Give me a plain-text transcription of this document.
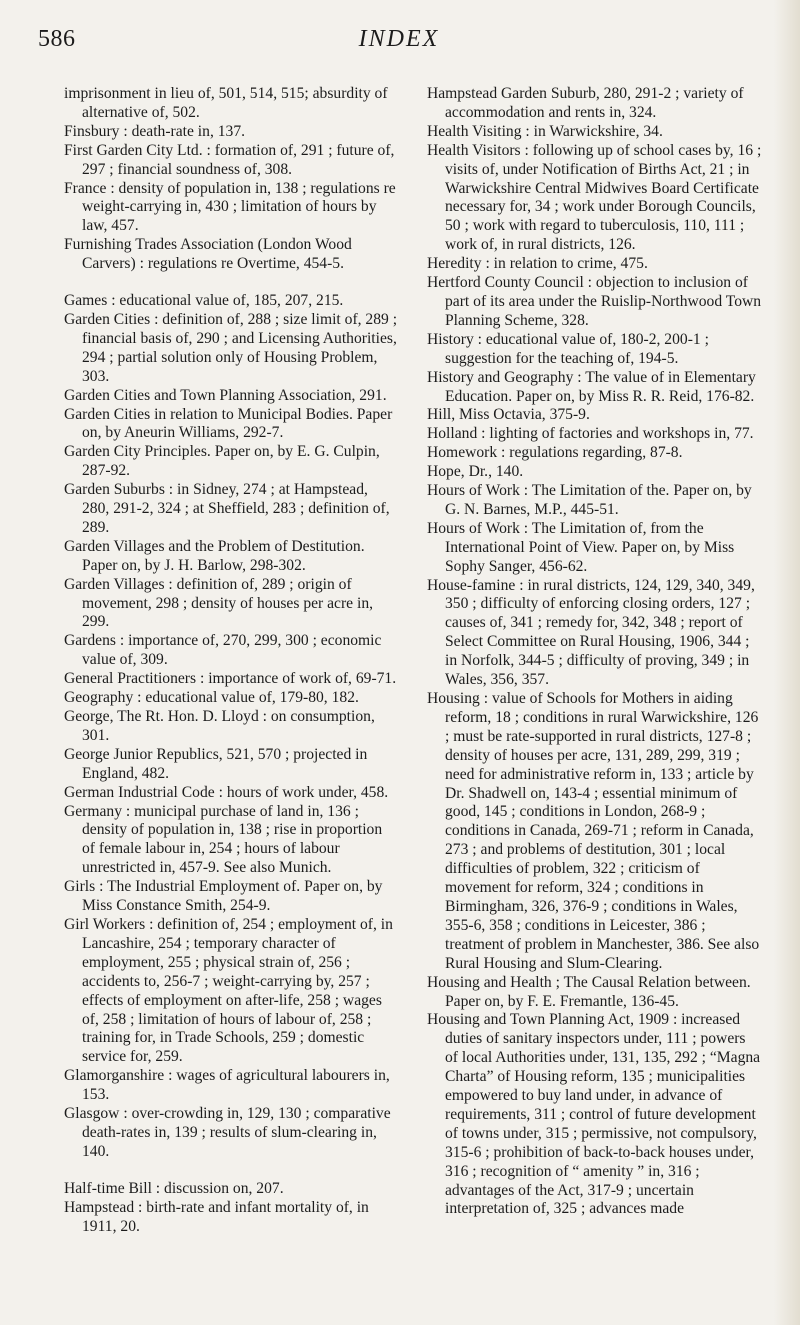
586	INDEX

imprisonment in lieu of, 501, 514, 515; absurdity of alternative of, 502.

Finsbury : death-rate in, 137.

First Garden City Ltd. : formation of, 291 ; future of, 297 ; financial soundness of, 308.

France : density of population in, 138 ; regulations re weight-carrying in, 430 ; limitation of hours by law, 457.

Furnishing Trades Association (London Wood Carvers) : regulations re Overtime, 454-5.

Games : educational value of, 185, 207, 215.

Garden Cities : definition of, 288 ; size limit of, 289 ; financial basis of, 290 ; and Licensing Authorities, 294 ; partial solution only of Housing Problem, 303.

Garden Cities and Town Planning Association, 291.

Garden Cities in relation to Municipal Bodies. Paper on, by Aneurin Williams, 292-7.

Garden City Principles. Paper on, by E. G. Culpin, 287-92.

Garden Suburbs : in Sidney, 274 ; at Hampstead, 280, 291-2, 324 ; at Sheffield, 283 ; definition of, 289.

Garden Villages and the Problem of Destitution. Paper on, by J. H. Barlow, 298-302.

Garden Villages : definition of, 289 ; origin of movement, 298 ; density of houses per acre in, 299.

Gardens : importance of, 270, 299, 300 ; economic value of, 309.

General Practitioners : importance of work of, 69-71.

Geography : educational value of, 179-80, 182.

George, The Rt. Hon. D. Lloyd : on consumption, 301.

George Junior Republics, 521, 570 ; projected in England, 482.

German Industrial Code : hours of work under, 458.

Germany : municipal purchase of land in, 136 ; density of population in, 138 ; rise in proportion of female labour in, 254 ; hours of labour unrestricted in, 457-9. See also Munich.

Girls : The Industrial Employment of. Paper on, by Miss Constance Smith, 254-9.

Girl Workers : definition of, 254 ; employment of, in Lancashire, 254 ; temporary character of employment, 255 ; physical strain of, 256 ; accidents to, 256-7 ; weight-carrying by, 257 ; effects of employment on after-life, 258 ; wages of, 258 ; limitation of hours of labour of, 258 ; training for, in Trade Schools, 259 ; domestic service for, 259.

Glamorganshire : wages of agricultural labourers in, 153.

Glasgow : over-crowding in, 129, 130 ; comparative death-rates in, 139 ; results of slum-clearing in, 140.

Half-time Bill : discussion on, 207.

Hampstead : birth-rate and infant mortality of, in 1911, 20.

Hampstead Garden Suburb, 280, 291-2 ; variety of accommodation and rents in, 324.

Health Visiting : in Warwickshire, 34.

Health Visitors : following up of school cases by, 16 ; visits of, under Notification of Births Act, 21 ; in Warwickshire Central Midwives Board Certificate necessary for, 34 ; work under Borough Councils, 50 ; work with regard to tuberculosis, 110, 111 ; work of, in rural districts, 126.

Heredity : in relation to crime, 475.

Hertford County Council : objection to inclusion of part of its area under the Ruislip-Northwood Town Planning Scheme, 328.

History : educational value of, 180-2, 200-1 ; suggestion for the teaching of, 194-5.

History and Geography : The value of in Elementary Education. Paper on, by Miss R. R. Reid, 176-82.

Hill, Miss Octavia, 375-9.

Holland : lighting of factories and workshops in, 77.

Homework : regulations regarding, 87-8.

Hope, Dr., 140.

Hours of Work : The Limitation of the. Paper on, by G. N. Barnes, M.P., 445-51.

Hours of Work : The Limitation of, from the International Point of View. Paper on, by Miss Sophy Sanger, 456-62.

House-famine : in rural districts, 124, 129, 340, 349, 350 ; difficulty of enforcing closing orders, 127 ; causes of, 341 ; remedy for, 342, 348 ; report of Select Committee on Rural Housing, 1906, 344 ; in Norfolk, 344-5 ; difficulty of proving, 349 ; in Wales, 356, 357.

Housing : value of Schools for Mothers in aiding reform, 18 ; conditions in rural Warwickshire, 126 ; must be rate-supported in rural districts, 127-8 ; density of houses per acre, 131, 289, 299, 319 ; need for administrative reform in, 133 ; article by Dr. Shadwell on, 143-4 ; essential minimum of good, 145 ; conditions in London, 268-9 ; conditions in Canada, 269-71 ; reform in Canada, 273 ; and problems of destitution, 301 ; local difficulties of problem, 322 ; criticism of movement for reform, 324 ; conditions in Birmingham, 326, 376-9 ; conditions in Wales, 355-6, 358 ; conditions in Leicester, 386 ; treatment of problem in Manchester, 386. See also Rural Housing and Slum-Clearing.

Housing and Health ; The Causal Relation between. Paper on, by F. E. Fremantle, 136-45.

Housing and Town Planning Act, 1909 : increased duties of sanitary inspectors under, 111 ; powers of local Authorities under, 131, 135, 292 ; “Magna Charta” of Housing reform, 135 ; municipalities empowered to buy land under, in advance of requirements, 311 ; control of future development of towns under, 315 ; permissive, not compulsory, 315-6 ; prohibition of back-to-back houses under, 316 ; recognition of “ amenity ” in, 316 ; advantages of the Act, 317-9 ; uncertain interpretation of, 325 ; advances made
